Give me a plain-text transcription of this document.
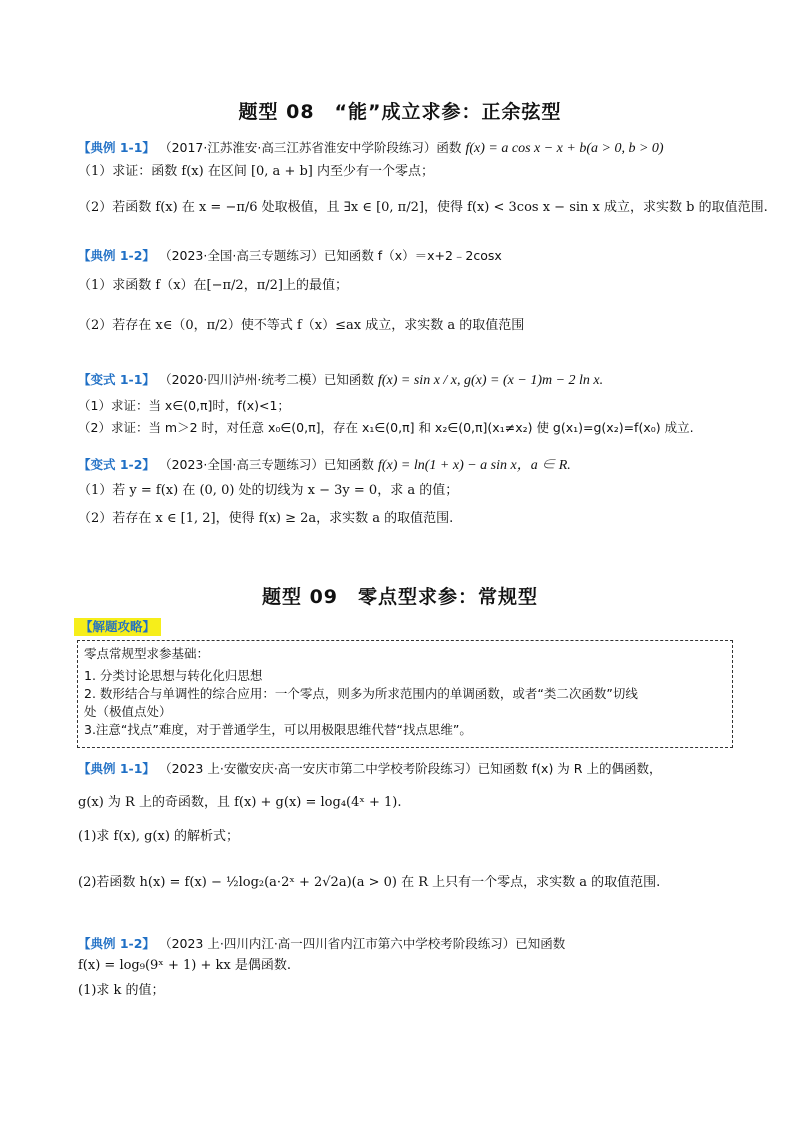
题型 08　“能”成立求参：正余弦型
【典例 1-1】 （2017·江苏淮安·高三江苏省淮安中学阶段练习）函数 f(x) = a cos x − x + b(a > 0, b > 0)
（1）求证：函数 f(x) 在区间 [0, a + b] 内至少有一个零点；
（2）若函数 f(x) 在 x = −π/6 处取极值，且 ∃x ∈ [0, π/2]，使得 f(x) < 3cos x − sin x 成立，求实数 b 的取值范围.
【典例 1-2】 （2023·全国·高三专题练习）已知函数 f（x）＝x+2﹣2cosx
（1）求函数 f（x）在[−π/2，π/2]上的最值；
（2）若存在 x∈（0，π/2）使不等式 f（x）≤ax 成立，求实数 a 的取值范围
【变式 1-1】 （2020·四川泸州·统考二模）已知函数 f(x) = sin x / x, g(x) = (x − 1)m − 2 ln x.
（1）求证：当 x∈(0,π]时，f(x)<1；
（2）求证：当 m＞2 时，对任意 x₀∈(0,π]，存在 x₁∈(0,π] 和 x₂∈(0,π](x₁≠x₂) 使 g(x₁)=g(x₂)=f(x₀) 成立.
【变式 1-2】 （2023·全国·高三专题练习）已知函数 f(x) = ln(1 + x) − a sin x，a ∈ R.
（1）若 y = f(x) 在 (0, 0) 处的切线为 x − 3y = 0，求 a 的值；
（2）若存在 x ∈ [1, 2]，使得 f(x) ≥ 2a，求实数 a 的取值范围.
题型 09　零点型求参：常规型
【解题攻略】
零点常规型求参基础：
1. 分类讨论思想与转化化归思想
2. 数形结合与单调性的综合应用：一个零点，则多为所求范围内的单调函数，或者“类二次函数”切线
处（极值点处）
3.注意“找点”难度，对于普通学生，可以用极限思维代替“找点思维”。
【典例 1-1】 （2023 上·安徽安庆·高一安庆市第二中学校考阶段练习）已知函数 f(x) 为 R 上的偶函数，
g(x) 为 R 上的奇函数，且 f(x) + g(x) = log₄(4ˣ + 1).
(1)求 f(x), g(x) 的解析式；
(2)若函数 h(x) = f(x) − ½log₂(a·2ˣ + 2√2a)(a > 0) 在 R 上只有一个零点，求实数 a 的取值范围.
【典例 1-2】 （2023 上·四川内江·高一四川省内江市第六中学校考阶段练习）已知函数
f(x) = log₉(9ˣ + 1) + kx 是偶函数.
(1)求 k 的值；
